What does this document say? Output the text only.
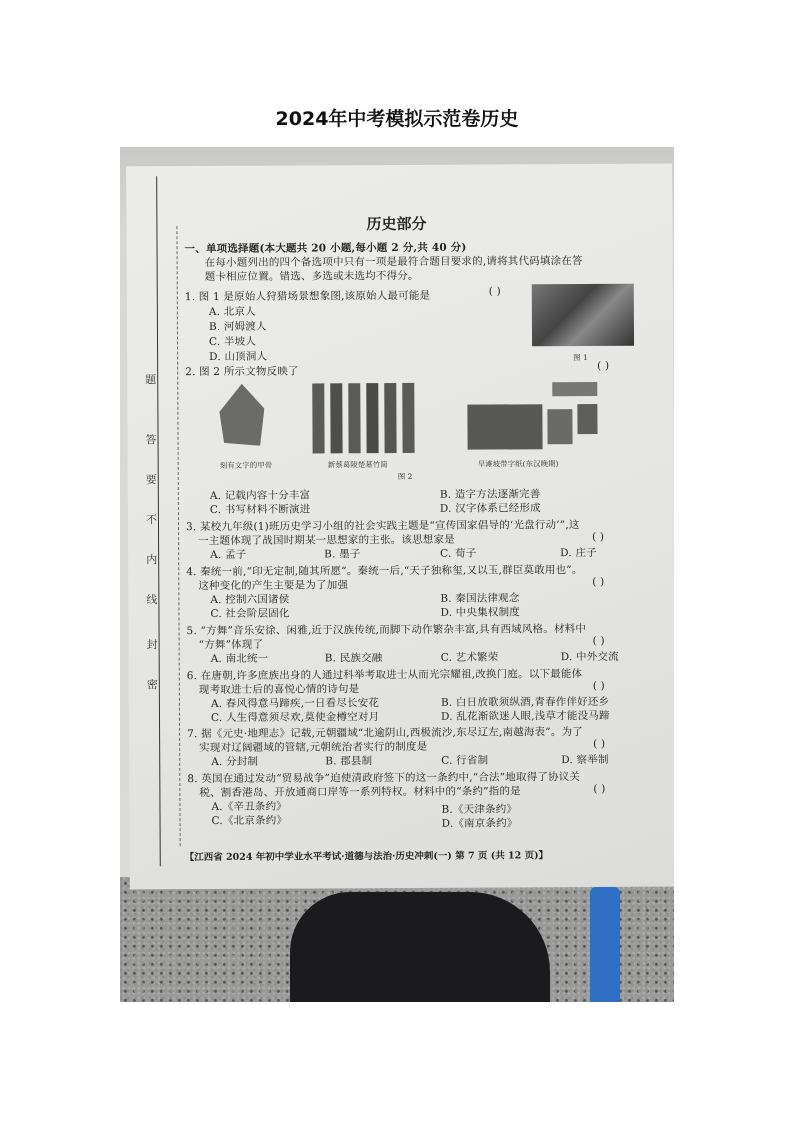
2024年中考模拟示范卷历史
题
答
要
不
内
线
封
密
历史部分
一、单项选择题(本大题共 20 小题,每小题 2 分,共 40 分)
在每小题列出的四个备选项中只有一项是最符合题目要求的,请将其代码填涂在答
题卡相应位置。错选、多选或未选均不得分。
1. 图 1 是原始人狩猎场景想象图,该原始人最可能是	( )
A. 北京人
B. 河姆渡人
C. 半坡人
D. 山顶洞人	图 1
( )
2. 图 2 所示文物反映了
刻有文字的甲骨	新蔡葛陵楚墓竹简	旱滩坡带字纸(东汉晚期)
图 2
A. 记载内容十分丰富	B. 造字方法逐渐完善
C. 书写材料不断演进	D. 汉字体系已经形成
3. 某校九年级(1)班历史学习小组的社会实践主题是“宣传国家倡导的‘光盘行动’”,这
一主题体现了战国时期某一思想家的主张。该思想家是	( )
A. 孟子	B. 墨子	C. 荀子	D. 庄子
4. 秦统一前,“印无定制,随其所愿”。秦统一后,“天子独称玺,又以玉,群臣莫敢用也”。
这种变化的产生主要是为了加强	( )
A. 控制六国诸侯	B. 秦国法律观念
C. 社会阶层固化	D. 中央集权制度
5. “方舞”音乐安徐、闲雅,近于汉族传统,而脚下动作繁杂丰富,具有西域风格。材料中
“方舞”体现了	( )
A. 南北统一	B. 民族交融	C. 艺术繁荣	D. 中外交流
6. 在唐朝,许多庶族出身的人通过科举考取进士从而光宗耀祖,改换门庭。以下最能体
现考取进士后的喜悦心情的诗句是	( )
A. 春风得意马蹄疾,一日看尽长安花	B. 白日放歌须纵酒,青春作伴好还乡
C. 人生得意须尽欢,莫使金樽空对月	D. 乱花渐欲迷人眼,浅草才能没马蹄
7. 据《元史·地理志》记载,元朝疆域“北逾阴山,西极流沙,东尽辽左,南越海表”。为了
实现对辽阔疆域的管辖,元朝统治者实行的制度是	( )
A. 分封制	B. 郡县制	C. 行省制	D. 察举制
8. 英国在通过发动“贸易战争”迫使清政府签下的这一条约中,“合法”地取得了协议关
税、割香港岛、开放通商口岸等一系列特权。材料中的“条约”指的是	( )
A.《辛丑条约》	B.《天津条约》
C.《北京条约》	D.《南京条约》
【江西省 2024 年初中学业水平考试·道德与法治·历史冲刺(一) 第 7 页 (共 12 页)】
